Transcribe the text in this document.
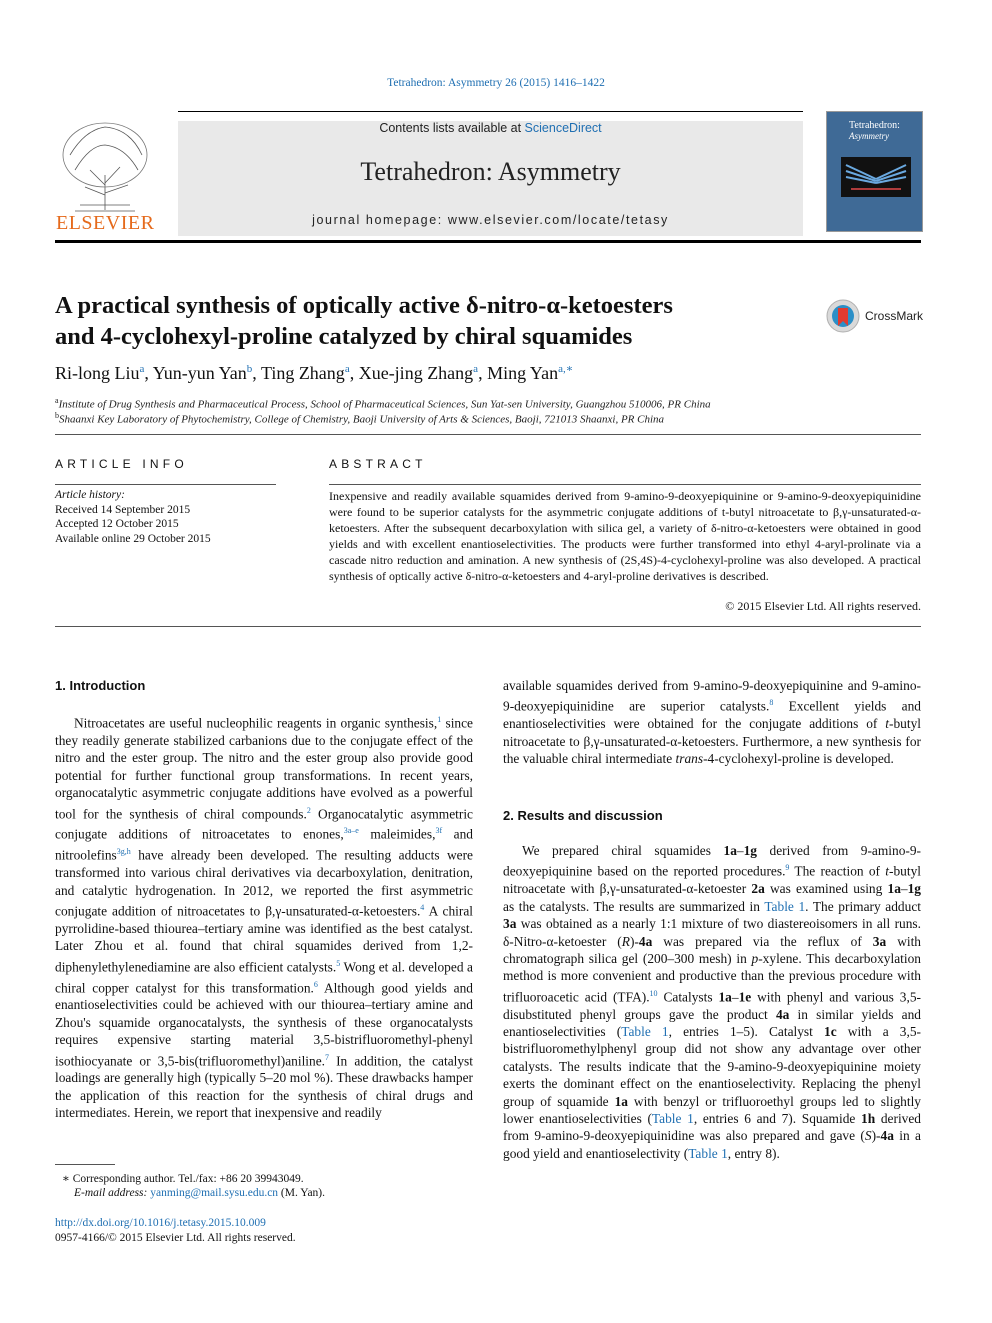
Tetrahedron: Asymmetry 26 (2015) 1416–1422
ELSEVIER
Contents lists available at ScienceDirect
Tetrahedron: Asymmetry
journal homepage: www.elsevier.com/locate/tetasy
Tetrahedron:
Asymmetry
A practical synthesis of optically active δ-nitro-α-ketoesters
and 4-cyclohexyl-proline catalyzed by chiral squamides
CrossMark
Ri-long Liu$^a$, Yun-yun Yan$^b$, Ting Zhang$^a$, Xue-jing Zhang$^a$, Ming Yan$^{a,∗}$
$^a$Institute of Drug Synthesis and Pharmaceutical Process, School of Pharmaceutical Sciences, Sun Yat-sen University, Guangzhou 510006, PR China
$^b$Shaanxi Key Laboratory of Phytochemistry, College of Chemistry, Baoji University of Arts & Sciences, Baoji, 721013 Shaanxi, PR China
ARTICLE INFO	ABSTRACT
Article history:
Received 14 September 2015
Accepted 12 October 2015
Available online 29 October 2015
Inexpensive and readily available squamides derived from 9-amino-9-deoxyepiquinine or 9-amino-9-deoxyepiquinidine were found to be superior catalysts for the asymmetric conjugate additions of t-butyl nitroacetate to β,γ-unsaturated-α-ketoesters. After the subsequent decarboxylation with silica gel, a variety of δ-nitro-α-ketoesters were obtained in good yields and with excellent enantioselectivities. The products were further transformed into ethyl 4-aryl-prolinate via a cascade nitro reduction and amination. A new synthesis of (2S,4S)-4-cyclohexyl-proline was also developed. A practical synthesis of optically active δ-nitro-α-ketoesters and 4-aryl-proline derivatives is described.
© 2015 Elsevier Ltd. All rights reserved.
1. Introduction
Nitroacetates are useful nucleophilic reagents in organic synthesis,$^1$ since they readily generate stabilized carbanions due to the conjugate effect of the nitro and the ester group. The nitro and the ester group also provide good potential for further functional group transformations. In recent years, organocatalytic asymmetric conjugate additions have evolved as a powerful tool for the synthesis of chiral compounds.$^2$ Organocatalytic asymmetric conjugate additions of nitroacetates to enones,$^{3a-e}$ maleimides,$^{3f}$ and nitroolefins$^{3g,h}$ have already been developed. The resulting adducts were transformed into various chiral derivatives via decarboxylation, denitration, and catalytic hydrogenation. In 2012, we reported the first asymmetric conjugate addition of nitroacetates to β,γ-unsaturated-α-ketoesters.$^4$ A chiral pyrrolidine-based thiourea–tertiary amine was identified as the best catalyst. Later Zhou et al. found that chiral squamides derived from 1,2-diphenylethylenediamine are also efficient catalysts.$^5$ Wong et al. developed a chiral copper catalyst for this transformation.$^6$ Although good yields and enantioselectivities could be achieved with our thiourea–tertiary amine and Zhou's squamide organocatalysts, the synthesis of these organocatalysts requires expensive starting material 3,5-bistrifluoromethyl-phenyl isothiocyanate or 3,5-bis(trifluoromethyl)aniline.$^7$ In addition, the catalyst loadings are generally high (typically 5–20 mol %). These drawbacks hamper the application of this reaction for the synthesis of chiral drugs and intermediates. Herein, we report that inexpensive and readily
∗ Corresponding author. Tel./fax: +86 20 39943049.
E-mail address: yanming@mail.sysu.edu.cn (M. Yan).
http://dx.doi.org/10.1016/j.tetasy.2015.10.009
0957-4166/© 2015 Elsevier Ltd. All rights reserved.
available squamides derived from 9-amino-9-deoxyepiquinine and 9-amino-9-deoxyepiquinidine are superior catalysts.$^8$ Excellent yields and enantioselectivities were obtained for the conjugate additions of t-butyl nitroacetate to β,γ-unsaturated-α-ketoesters. Furthermore, a new synthesis for the valuable chiral intermediate trans-4-cyclohexyl-proline is developed.
2. Results and discussion
We prepared chiral squamides 1a–1g derived from 9-amino-9-deoxyepiquinine based on the reported procedures.$^9$ The reaction of t-butyl nitroacetate with β,γ-unsaturated-α-ketoester 2a was examined using 1a–1g as the catalysts. The results are summarized in Table 1. The primary adduct 3a was obtained as a nearly 1:1 mixture of two diastereoisomers in all runs. δ-Nitro-α-ketoester (R)-4a was prepared via the reflux of 3a with chromatograph silica gel (200–300 mesh) in p-xylene. This decarboxylation method is more convenient and productive than the previous procedure with trifluoroacetic acid (TFA).$^{10}$ Catalysts 1a–1e with phenyl and various 3,5-disubstituted phenyl groups gave the product 4a in similar yields and enantioselectivities (Table 1, entries 1–5). Catalyst 1c with a 3,5-bistrifluoromethylphenyl group did not show any advantage over other catalysts. The results indicate that the 9-amino-9-deoxyepiquinine moiety exerts the dominant effect on the enantioselectivity. Replacing the phenyl group of squamide 1a with benzyl or trifluoroethyl groups led to slightly lower enantioselectivities (Table 1, entries 6 and 7). Squamide 1h derived from 9-amino-9-deoxyepiquinidine was also prepared and gave (S)-4a in a good yield and enantioselectivity (Table 1, entry 8).
